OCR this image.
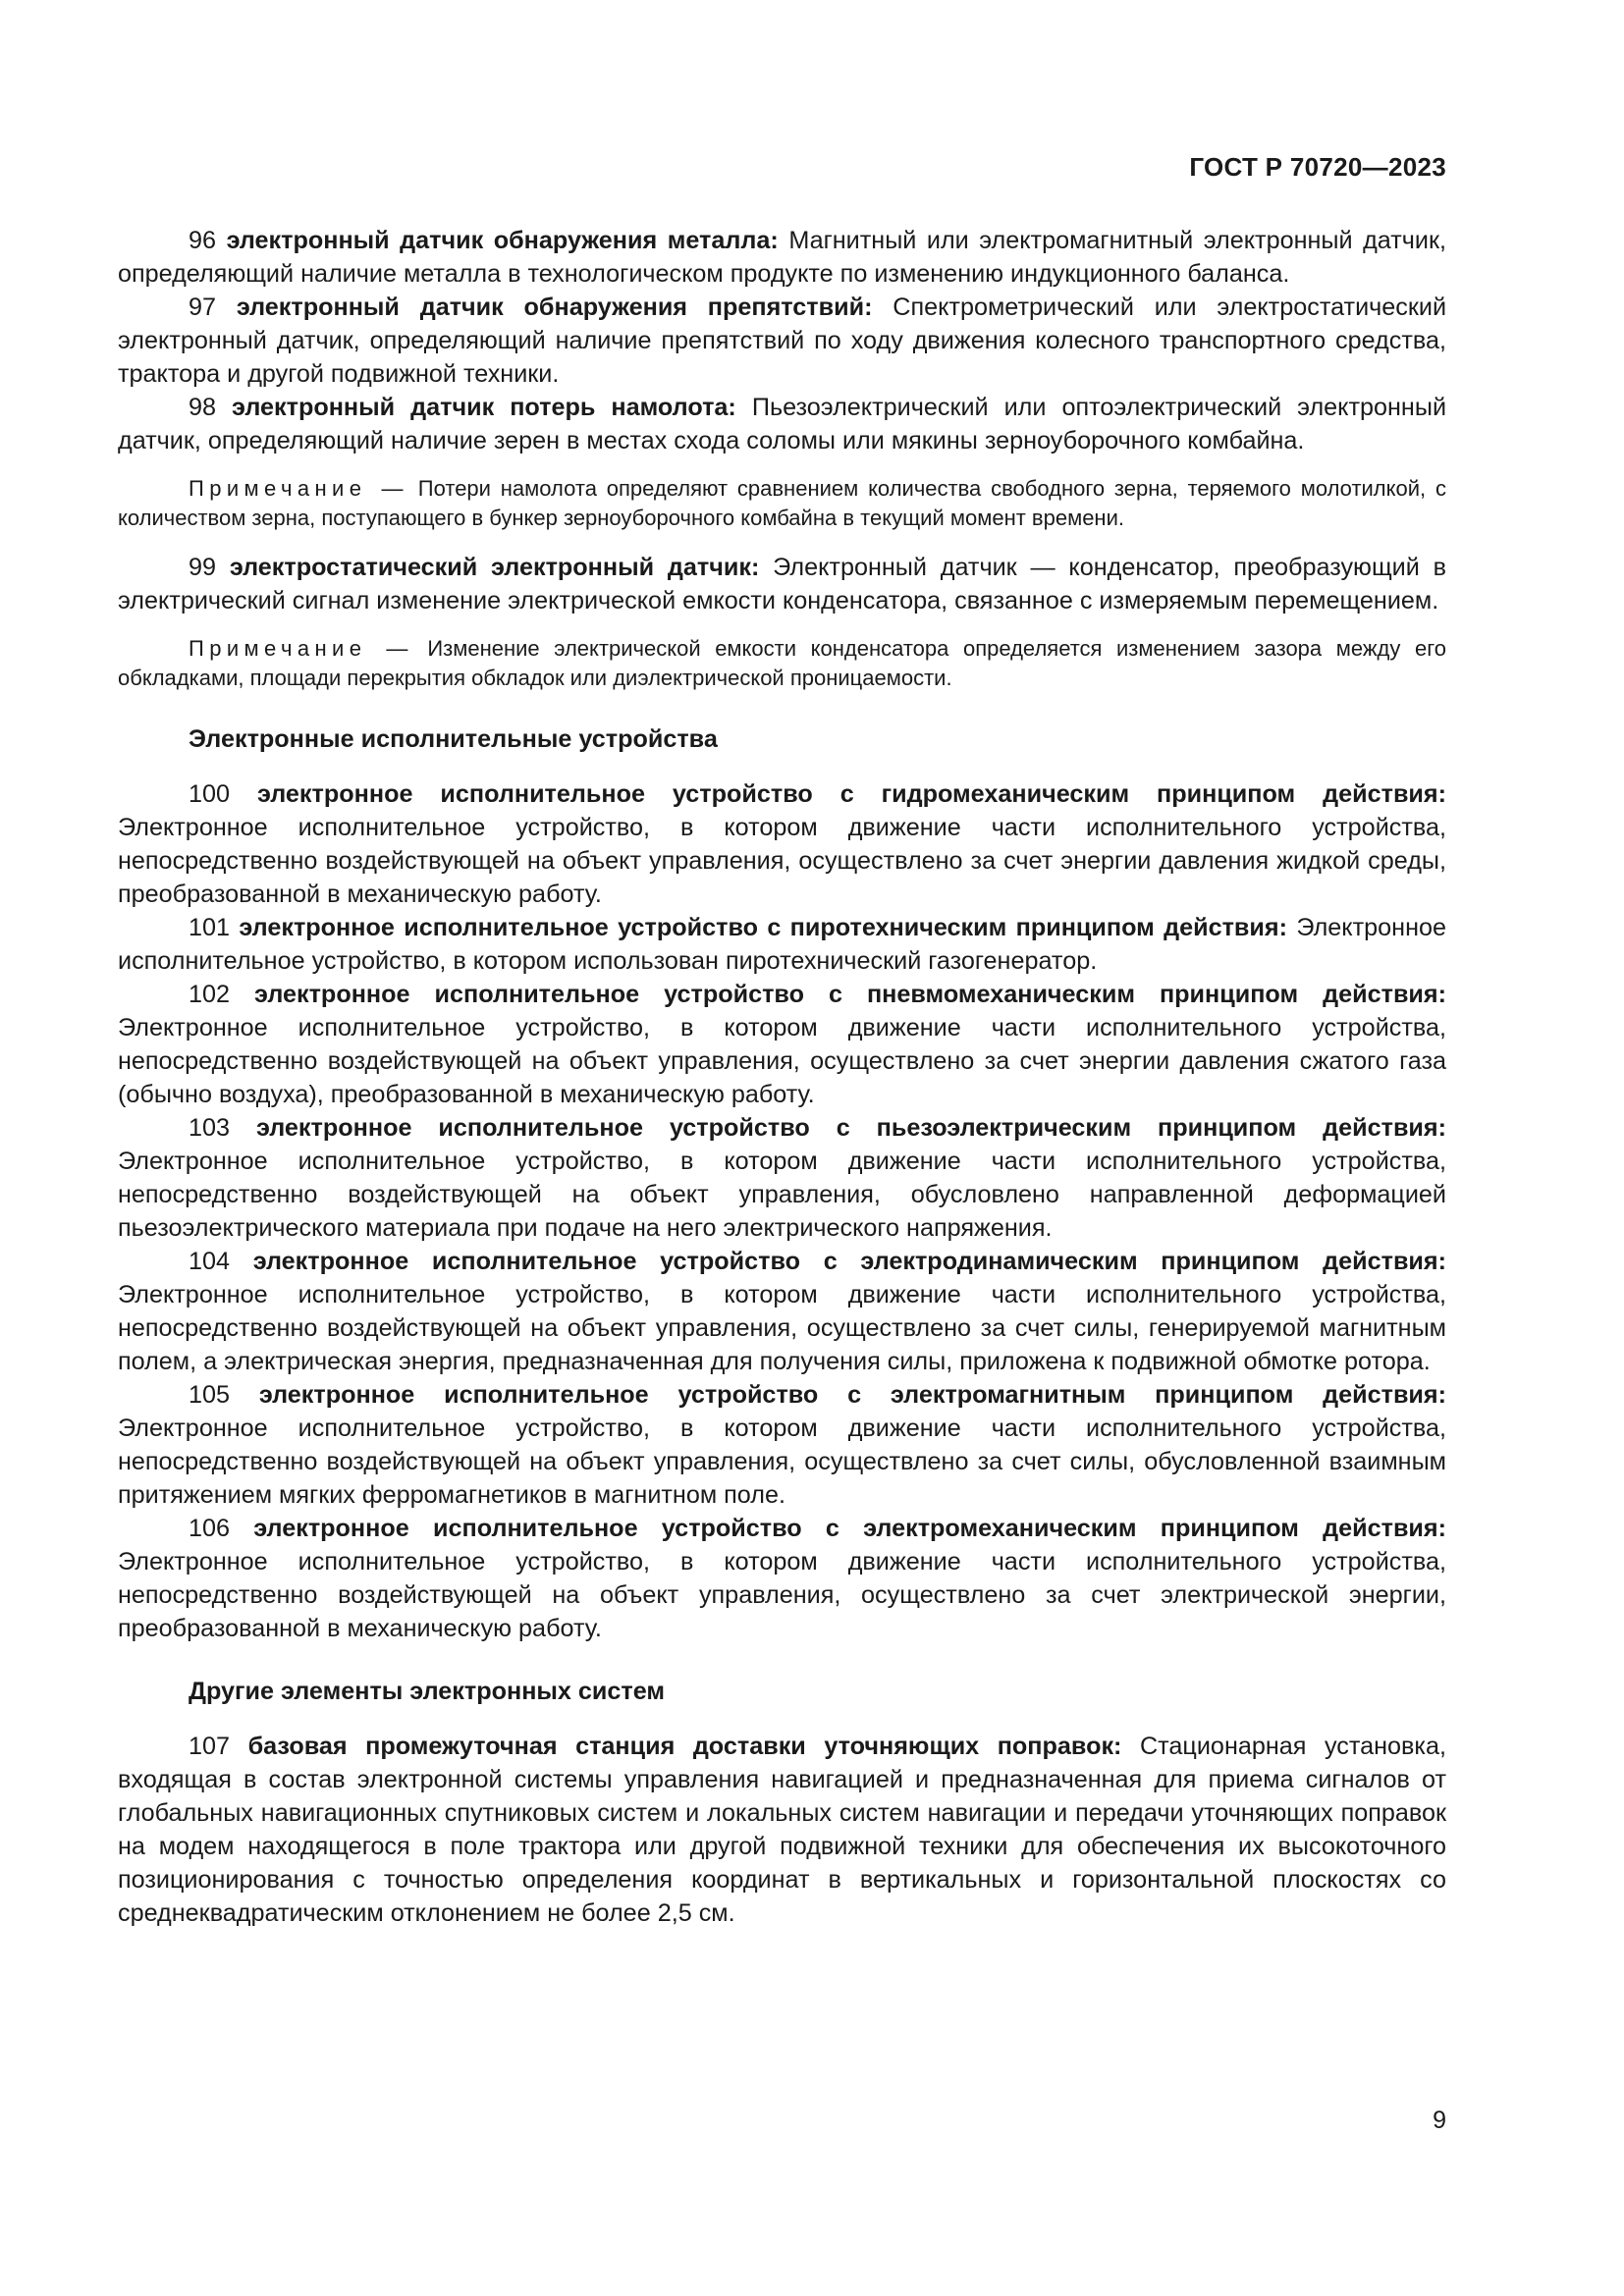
ГОСТ Р 70720—2023

96 электронный датчик обнаружения металла: Магнитный или электромагнитный электронный датчик, определяющий наличие металла в технологическом продукте по изменению индукционного баланса.

97 электронный датчик обнаружения препятствий: Спектрометрический или электростатический электронный датчик, определяющий наличие препятствий по ходу движения колесного транспортного средства, трактора и другой подвижной техники.

98 электронный датчик потерь намолота: Пьезоэлектрический или оптоэлектрический электронный датчик, определяющий наличие зерен в местах схода соломы или мякины зерноуборочного комбайна.

Примечание — Потери намолота определяют сравнением количества свободного зерна, теряемого молотилкой, с количеством зерна, поступающего в бункер зерноуборочного комбайна в текущий момент времени.

99 электростатический электронный датчик: Электронный датчик — конденсатор, преобразующий в электрический сигнал изменение электрической емкости конденсатора, связанное с измеряемым перемещением.

Примечание — Изменение электрической емкости конденсатора определяется изменением зазора между его обкладками, площади перекрытия обкладок или диэлектрической проницаемости.

Электронные исполнительные устройства

100 электронное исполнительное устройство с гидромеханическим принципом действия: Электронное исполнительное устройство, в котором движение части исполнительного устройства, непосредственно воздействующей на объект управления, осуществлено за счет энергии давления жидкой среды, преобразованной в механическую работу.

101 электронное исполнительное устройство с пиротехническим принципом действия: Электронное исполнительное устройство, в котором использован пиротехнический газогенератор.

102 электронное исполнительное устройство с пневмомеханическим принципом действия: Электронное исполнительное устройство, в котором движение части исполнительного устройства, непосредственно воздействующей на объект управления, осуществлено за счет энергии давления сжатого газа (обычно воздуха), преобразованной в механическую работу.

103 электронное исполнительное устройство с пьезоэлектрическим принципом действия: Электронное исполнительное устройство, в котором движение части исполнительного устройства, непосредственно воздействующей на объект управления, обусловлено направленной деформацией пьезоэлектрического материала при подаче на него электрического напряжения.

104 электронное исполнительное устройство с электродинамическим принципом действия: Электронное исполнительное устройство, в котором движение части исполнительного устройства, непосредственно воздействующей на объект управления, осуществлено за счет силы, генерируемой магнитным полем, а электрическая энергия, предназначенная для получения силы, приложена к подвижной обмотке ротора.

105 электронное исполнительное устройство с электромагнитным принципом действия: Электронное исполнительное устройство, в котором движение части исполнительного устройства, непосредственно воздействующей на объект управления, осуществлено за счет силы, обусловленной взаимным притяжением мягких ферромагнетиков в магнитном поле.

106 электронное исполнительное устройство с электромеханическим принципом действия: Электронное исполнительное устройство, в котором движение части исполнительного устройства, непосредственно воздействующей на объект управления, осуществлено за счет электрической энергии, преобразованной в механическую работу.

Другие элементы электронных систем

107 базовая промежуточная станция доставки уточняющих поправок: Стационарная установка, входящая в состав электронной системы управления навигацией и предназначенная для приема сигналов от глобальных навигационных спутниковых систем и локальных систем навигации и передачи уточняющих поправок на модем находящегося в поле трактора или другой подвижной техники для обеспечения их высокоточного позиционирования с точностью определения координат в вертикальных и горизонтальной плоскостях со среднеквадратическим отклонением не более 2,5 см.

9
